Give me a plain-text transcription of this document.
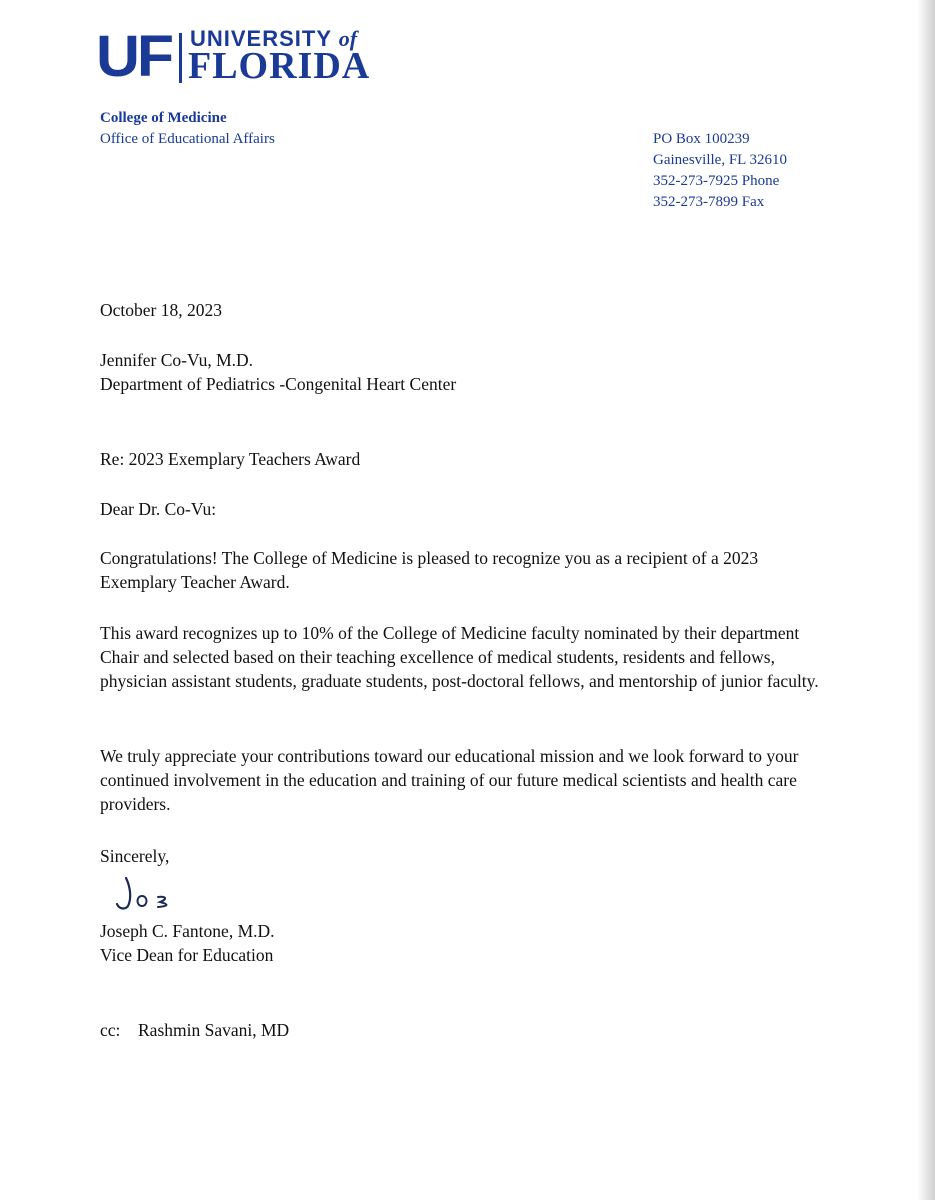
UF UNIVERSITY of
FLORIDA
College of Medicine
Office of Educational Affairs	PO Box 100239
Gainesville, FL 32610
352-273-7925 Phone
352-273-7899 Fax
October 18, 2023
Jennifer Co-Vu, M.D.
Department of Pediatrics -Congenital Heart Center
Re: 2023 Exemplary Teachers Award
Dear Dr. Co-Vu:
Congratulations! The College of Medicine is pleased to recognize you as a recipient of a 2023 Exemplary Teacher Award.
This award recognizes up to 10% of the College of Medicine faculty nominated by their department Chair and selected based on their teaching excellence of medical students, residents and fellows, physician assistant students, graduate students, post-doctoral fellows, and mentorship of junior faculty.
We truly appreciate your contributions toward our educational mission and we look forward to your continued involvement in the education and training of our future medical scientists and health care providers.
Sincerely,
Joseph C. Fantone, M.D.
Vice Dean for Education
cc: Rashmin Savani, MD
